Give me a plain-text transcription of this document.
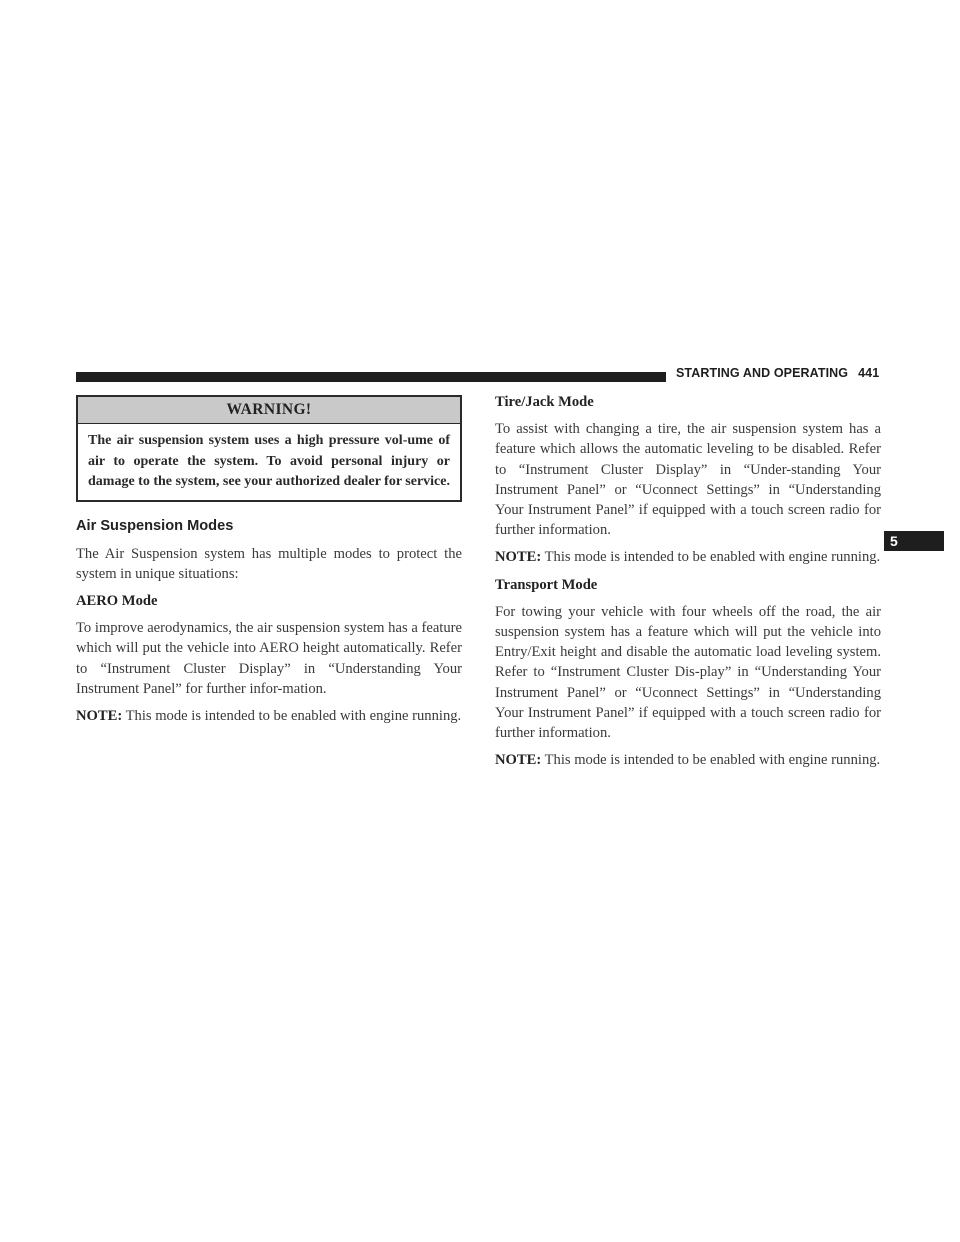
STARTING AND OPERATING 441
WARNING!
The air suspension system uses a high pressure vol-ume of air to operate the system. To avoid personal injury or damage to the system, see your authorized dealer for service.
Air Suspension Modes

The Air Suspension system has multiple modes to protect the system in unique situations:

AERO Mode

To improve aerodynamics, the air suspension system has a feature which will put the vehicle into AERO height automatically. Refer to “Instrument Cluster Display” in “Understanding Your Instrument Panel” for further infor-mation.

NOTE: This mode is intended to be enabled with engine running.

Tire/Jack Mode

To assist with changing a tire, the air suspension system has a feature which allows the automatic leveling to be disabled. Refer to “Instrument Cluster Display” in “Under-standing Your Instrument Panel” or “Uconnect Settings” in “Understanding Your Instrument Panel” if equipped with a touch screen radio for further information.

NOTE: This mode is intended to be enabled with engine running.

Transport Mode

For towing your vehicle with four wheels off the road, the air suspension system has a feature which will put the vehicle into Entry/Exit height and disable the automatic load leveling system. Refer to “Instrument Cluster Dis-play” in “Understanding Your Instrument Panel” or “Uconnect Settings” in “Understanding Your Instrument Panel” if equipped with a touch screen radio for further information.

NOTE: This mode is intended to be enabled with engine running.

5
